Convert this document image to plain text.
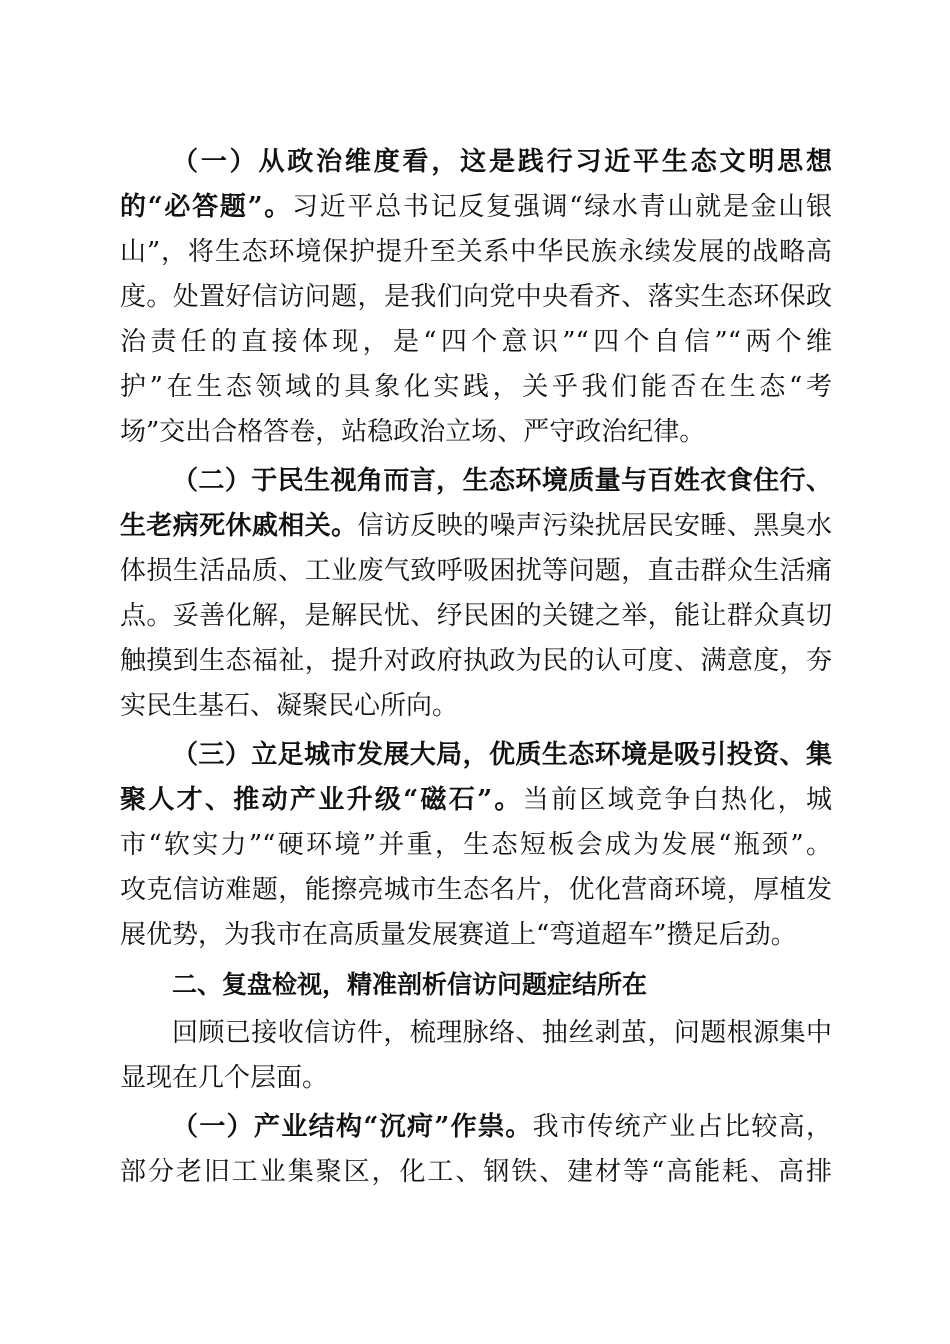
（一）从政治维度看，这是践行习近平生态文明思想
的“必答题”。习近平总书记反复强调“绿水青山就是金山银
山”，将生态环境保护提升至关系中华民族永续发展的战略高
度。处置好信访问题，是我们向党中央看齐、落实生态环保政
治责任的直接体现，是“四个意识”“四个自信”“两个维
护”在生态领域的具象化实践，关乎我们能否在生态“考
场”交出合格答卷，站稳政治立场、严守政治纪律。
（二）于民生视角而言，生态环境质量与百姓衣食住行、
生老病死休戚相关。信访反映的噪声污染扰居民安睡、黑臭水
体损生活品质、工业废气致呼吸困扰等问题，直击群众生活痛
点。妥善化解，是解民忧、纾民困的关键之举，能让群众真切
触摸到生态福祉，提升对政府执政为民的认可度、满意度，夯
实民生基石、凝聚民心所向。
（三）立足城市发展大局，优质生态环境是吸引投资、集
聚人才、推动产业升级“磁石”。当前区域竞争白热化，城
市“软实力”“硬环境”并重，生态短板会成为发展“瓶颈”。
攻克信访难题，能擦亮城市生态名片，优化营商环境，厚植发
展优势，为我市在高质量发展赛道上“弯道超车”攒足后劲。
二、复盘检视，精准剖析信访问题症结所在
回顾已接收信访件，梳理脉络、抽丝剥茧，问题根源集中
显现在几个层面。
（一）产业结构“沉疴”作祟。我市传统产业占比较高，
部分老旧工业集聚区，化工、钢铁、建材等“高能耗、高排
